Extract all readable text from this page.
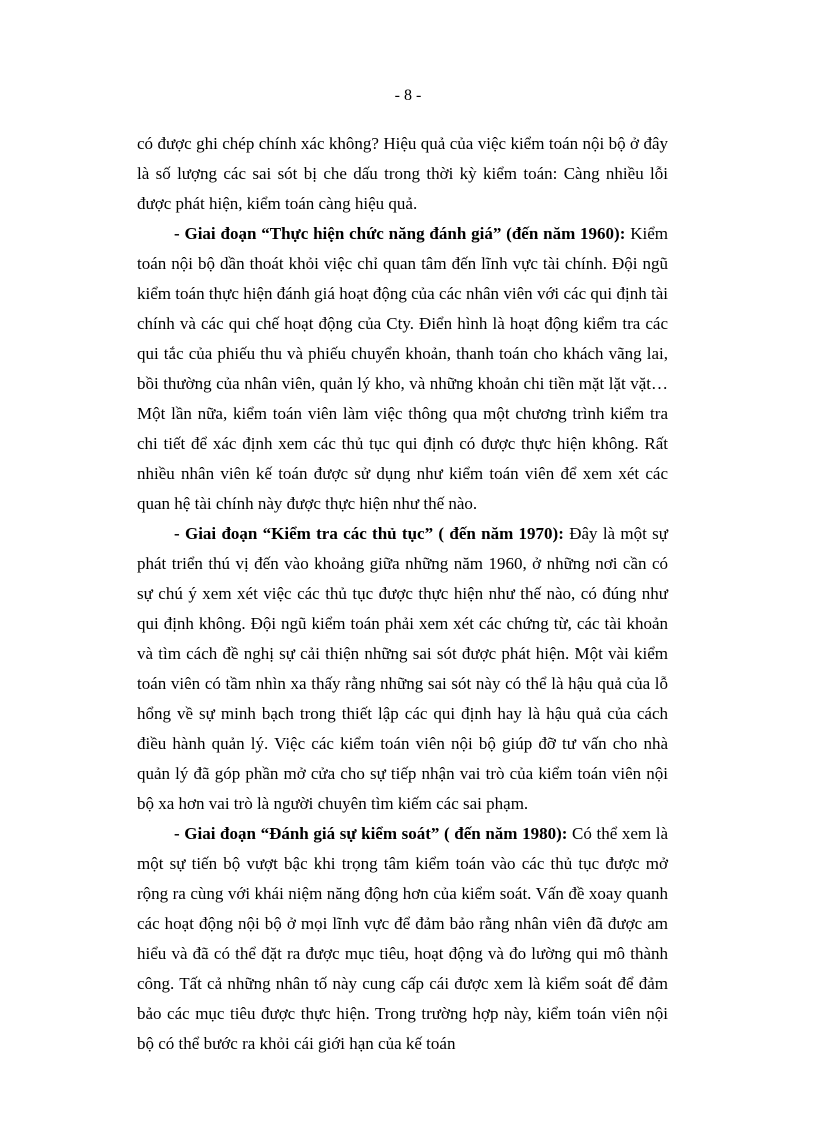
- 8 -

có được ghi chép chính xác không? Hiệu quả của việc kiểm toán nội bộ ở đây là số lượng các sai sót bị che dấu trong thời kỳ kiểm toán: Càng nhiều lỗi được phát hiện, kiểm toán càng hiệu quả.

- Giai đoạn “Thực hiện chức năng đánh giá” (đến năm 1960): Kiểm toán nội bộ dần thoát khỏi việc chỉ quan tâm đến lĩnh vực tài chính. Đội ngũ kiểm toán thực hiện đánh giá hoạt động của các nhân viên với các qui định tài chính và các qui chế hoạt động của Cty. Điển hình là hoạt động kiểm tra các qui tắc của phiếu thu và phiếu chuyển khoản, thanh toán cho khách vãng lai, bồi thường của nhân viên, quản lý kho, và những khoản chi tiền mặt lặt vặt… Một lần nữa, kiểm toán viên làm việc thông qua một chương trình kiểm tra chi tiết để xác định xem các thủ tục qui định có được thực hiện không. Rất nhiều nhân viên kế toán được sử dụng như kiểm toán viên để xem xét các quan hệ tài chính này được thực hiện như thế nào.

- Giai đoạn “Kiểm tra các thủ tục” ( đến năm 1970): Đây là một sự phát triển thú vị đến vào khoảng giữa những năm 1960, ở những nơi cần có sự chú ý xem xét việc các thủ tục được thực hiện như thế nào, có đúng như qui định không. Đội ngũ kiểm toán phải xem xét các chứng từ, các tài khoản và tìm cách đề nghị sự cải thiện những sai sót được phát hiện. Một vài kiểm toán viên có tầm nhìn xa thấy rằng những sai sót này có thể là hậu quả của lỗ hổng về sự minh bạch trong thiết lập các qui định hay là hậu quả của cách điều hành quản lý. Việc các kiểm toán viên nội bộ giúp đỡ tư vấn cho nhà quản lý đã góp phần mở cửa cho sự tiếp nhận vai trò của kiểm toán viên nội bộ xa hơn vai trò là người chuyên tìm kiếm các sai phạm.

- Giai đoạn “Đánh giá sự kiểm soát” ( đến năm 1980): Có thể xem là một sự tiến bộ vượt bậc khi trọng tâm kiểm toán vào các thủ tục được mở rộng ra cùng với khái niệm năng động hơn của kiểm soát. Vấn đề xoay quanh các hoạt động nội bộ ở mọi lĩnh vực để đảm bảo rằng nhân viên đã được am hiểu và đã có thể đặt ra được mục tiêu, hoạt động và đo lường qui mô thành công. Tất cả những nhân tố này cung cấp cái được xem là kiểm soát để đảm bảo các mục tiêu được thực hiện. Trong trường hợp này, kiểm toán viên nội bộ có thể bước ra khỏi cái giới hạn của kế toán
